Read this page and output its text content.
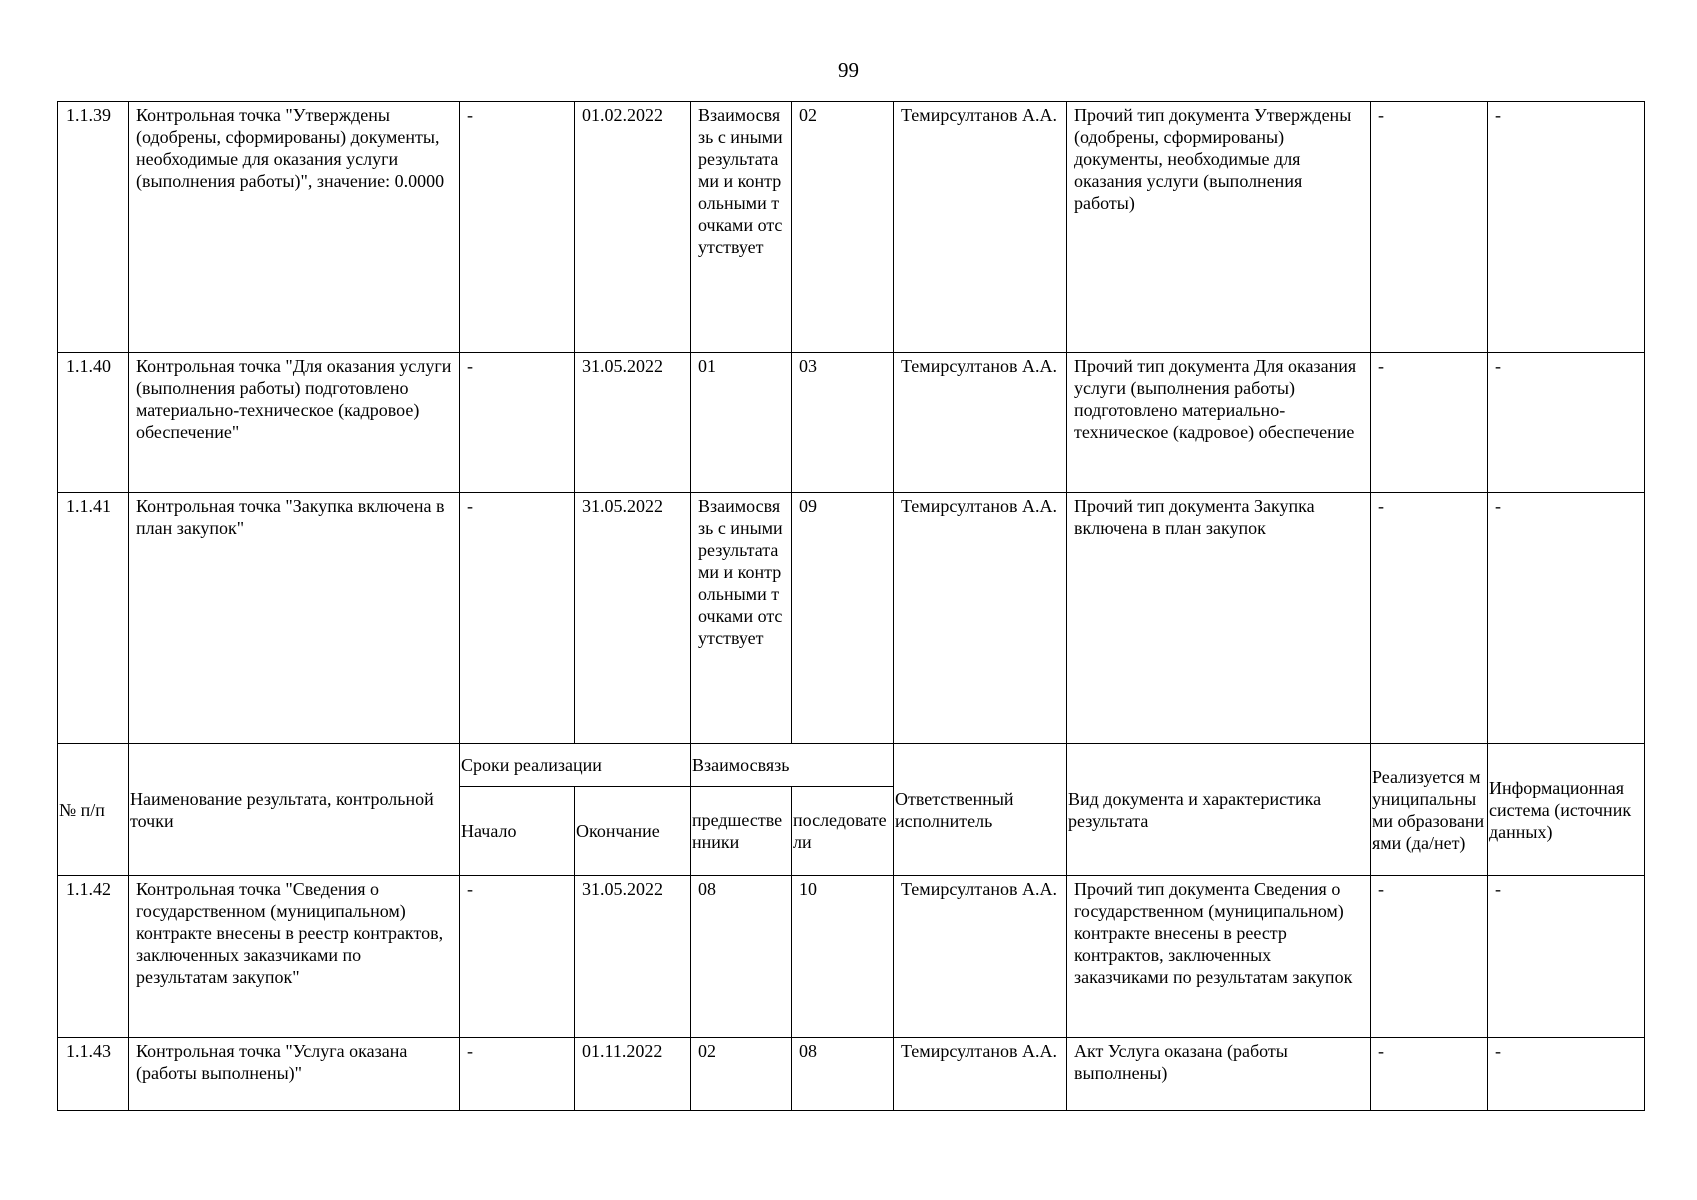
99
1.1.39	Контрольная точка "Утверждены (одобрены, сформированы) документы, необходимые для оказания услуги (выполнения работы)", значение: 0.0000	-	01.02.2022	Взаимосвязь с иными результатами и контрольными точками отсутствует	02	Темирсултанов А.А.	Прочий тип документа Утверждены (одобрены, сформированы) документы, необходимые для оказания услуги (выполнения работы)	-	-

1.1.40	Контрольная точка "Для оказания услуги (выполнения работы) подготовлено материально-техническое (кадровое) обеспечение"	-	31.05.2022	01	03	Темирсултанов А.А.	Прочий тип документа Для оказания услуги (выполнения работы) подготовлено материально-техническое (кадровое) обеспечение	-	-

1.1.41	Контрольная точка "Закупка включена в план закупок"	-	31.05.2022	Взаимосвязь с иными результатами и контрольными точками отсутствует	09	Темирсултанов А.А.	Прочий тип документа Закупка включена в план закупок	-	-

№ п/п	Наименование результата, контрольной точки	Сроки реализации		Взаимосвязь		Ответственный исполнитель	Вид документа и характеристика результата	Реализуется муниципальными образованиями (да/нет)	Информационная система (источник данных)

		Начало	Окончание	предшественники	последователи				

1.1.42	Контрольная точка "Сведения о государственном (муниципальном) контракте внесены в реестр контрактов, заключенных заказчиками по результатам закупок"	-	31.05.2022	08	10	Темирсултанов А.А.	Прочий тип документа Сведения о государственном (муниципальном) контракте внесены в реестр контрактов, заключенных заказчиками по результатам закупок	-	-

1.1.43	Контрольная точка "Услуга оказана (работы выполнены)"	-	01.11.2022	02	08	Темирсултанов А.А.	Акт Услуга оказана (работы выполнены)	-	-
